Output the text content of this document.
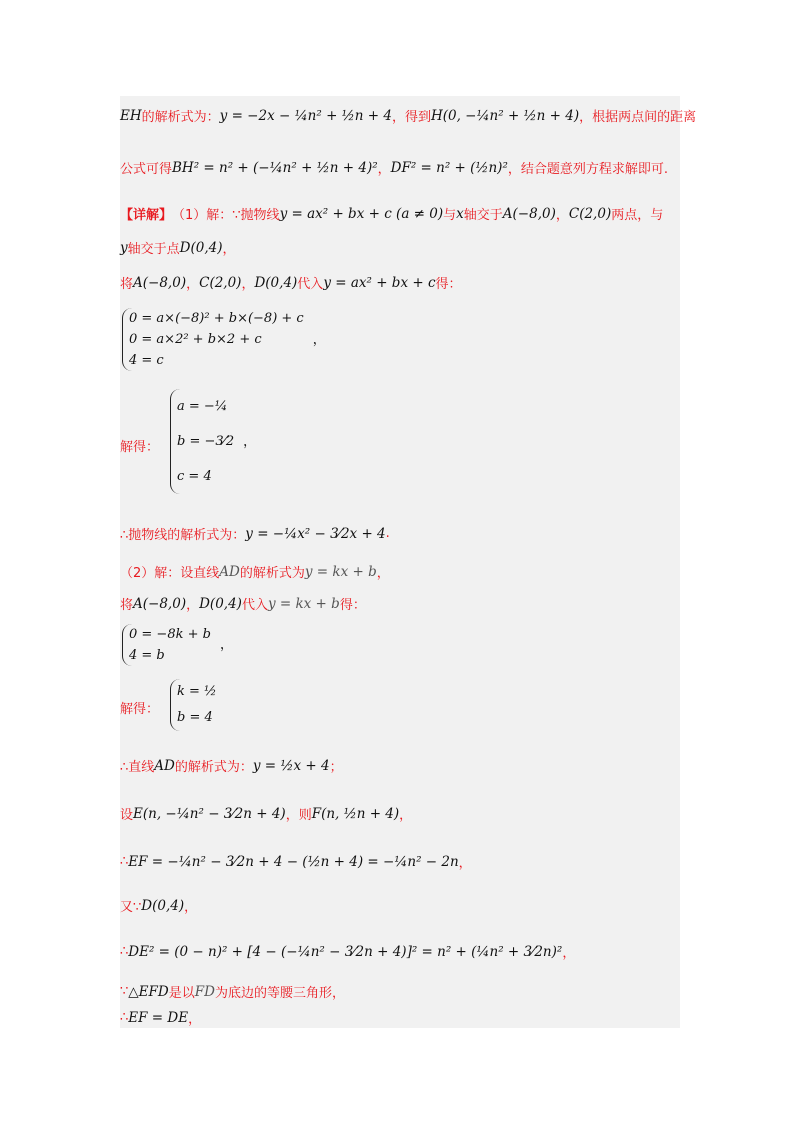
EH 的解析式为： y = −2x − ¼n² + ½n + 4 ，得到 H(0, −¼n² + ½n + 4) ，根据两点间的距离
公式可得 BH² = n² + (−¼n² + ½n + 4)² ， DF² = n² + (½n)² ，结合题意列方程求解即可.
【详解】 （1）解：∵抛物线 y = ax² + bx + c (a ≠ 0) 与 x 轴交于 A(−8,0) ， C(2,0) 两点，与
y 轴交于点 D(0,4) ，
将 A(−8,0) ， C(2,0) ， D(0,4) 代入 y = ax² + bx + c 得：
0 = a×(−8)² + b×(−8) + c
0 = a×2² + b×2 + c
4 = c
，
解得：
a = −¼
b = −3⁄2
c = 4
，
∴抛物线的解析式为： y = −¼x² − 3⁄2x + 4 .
（2）解：设直线 AD 的解析式为 y = kx + b ，
将 A(−8,0) ， D(0,4) 代入 y = kx + b 得：
0 = −8k + b
4 = b
，
解得：
k = ½
b = 4
∴直线 AD 的解析式为： y = ½x + 4 ；
设 E(n, −¼n² − 3⁄2n + 4) ，则 F(n, ½n + 4) ，
∴ EF = −¼n² − 3⁄2n + 4 − (½n + 4) = −¼n² − 2n ，
又∵ D(0,4) ，
∴ DE² = (0 − n)² + [4 − (−¼n² − 3⁄2n + 4)]² = n² + (¼n² + 3⁄2n)² ，
∵ △EFD 是以 FD 为底边的等腰三角形，
∴ EF = DE ，
